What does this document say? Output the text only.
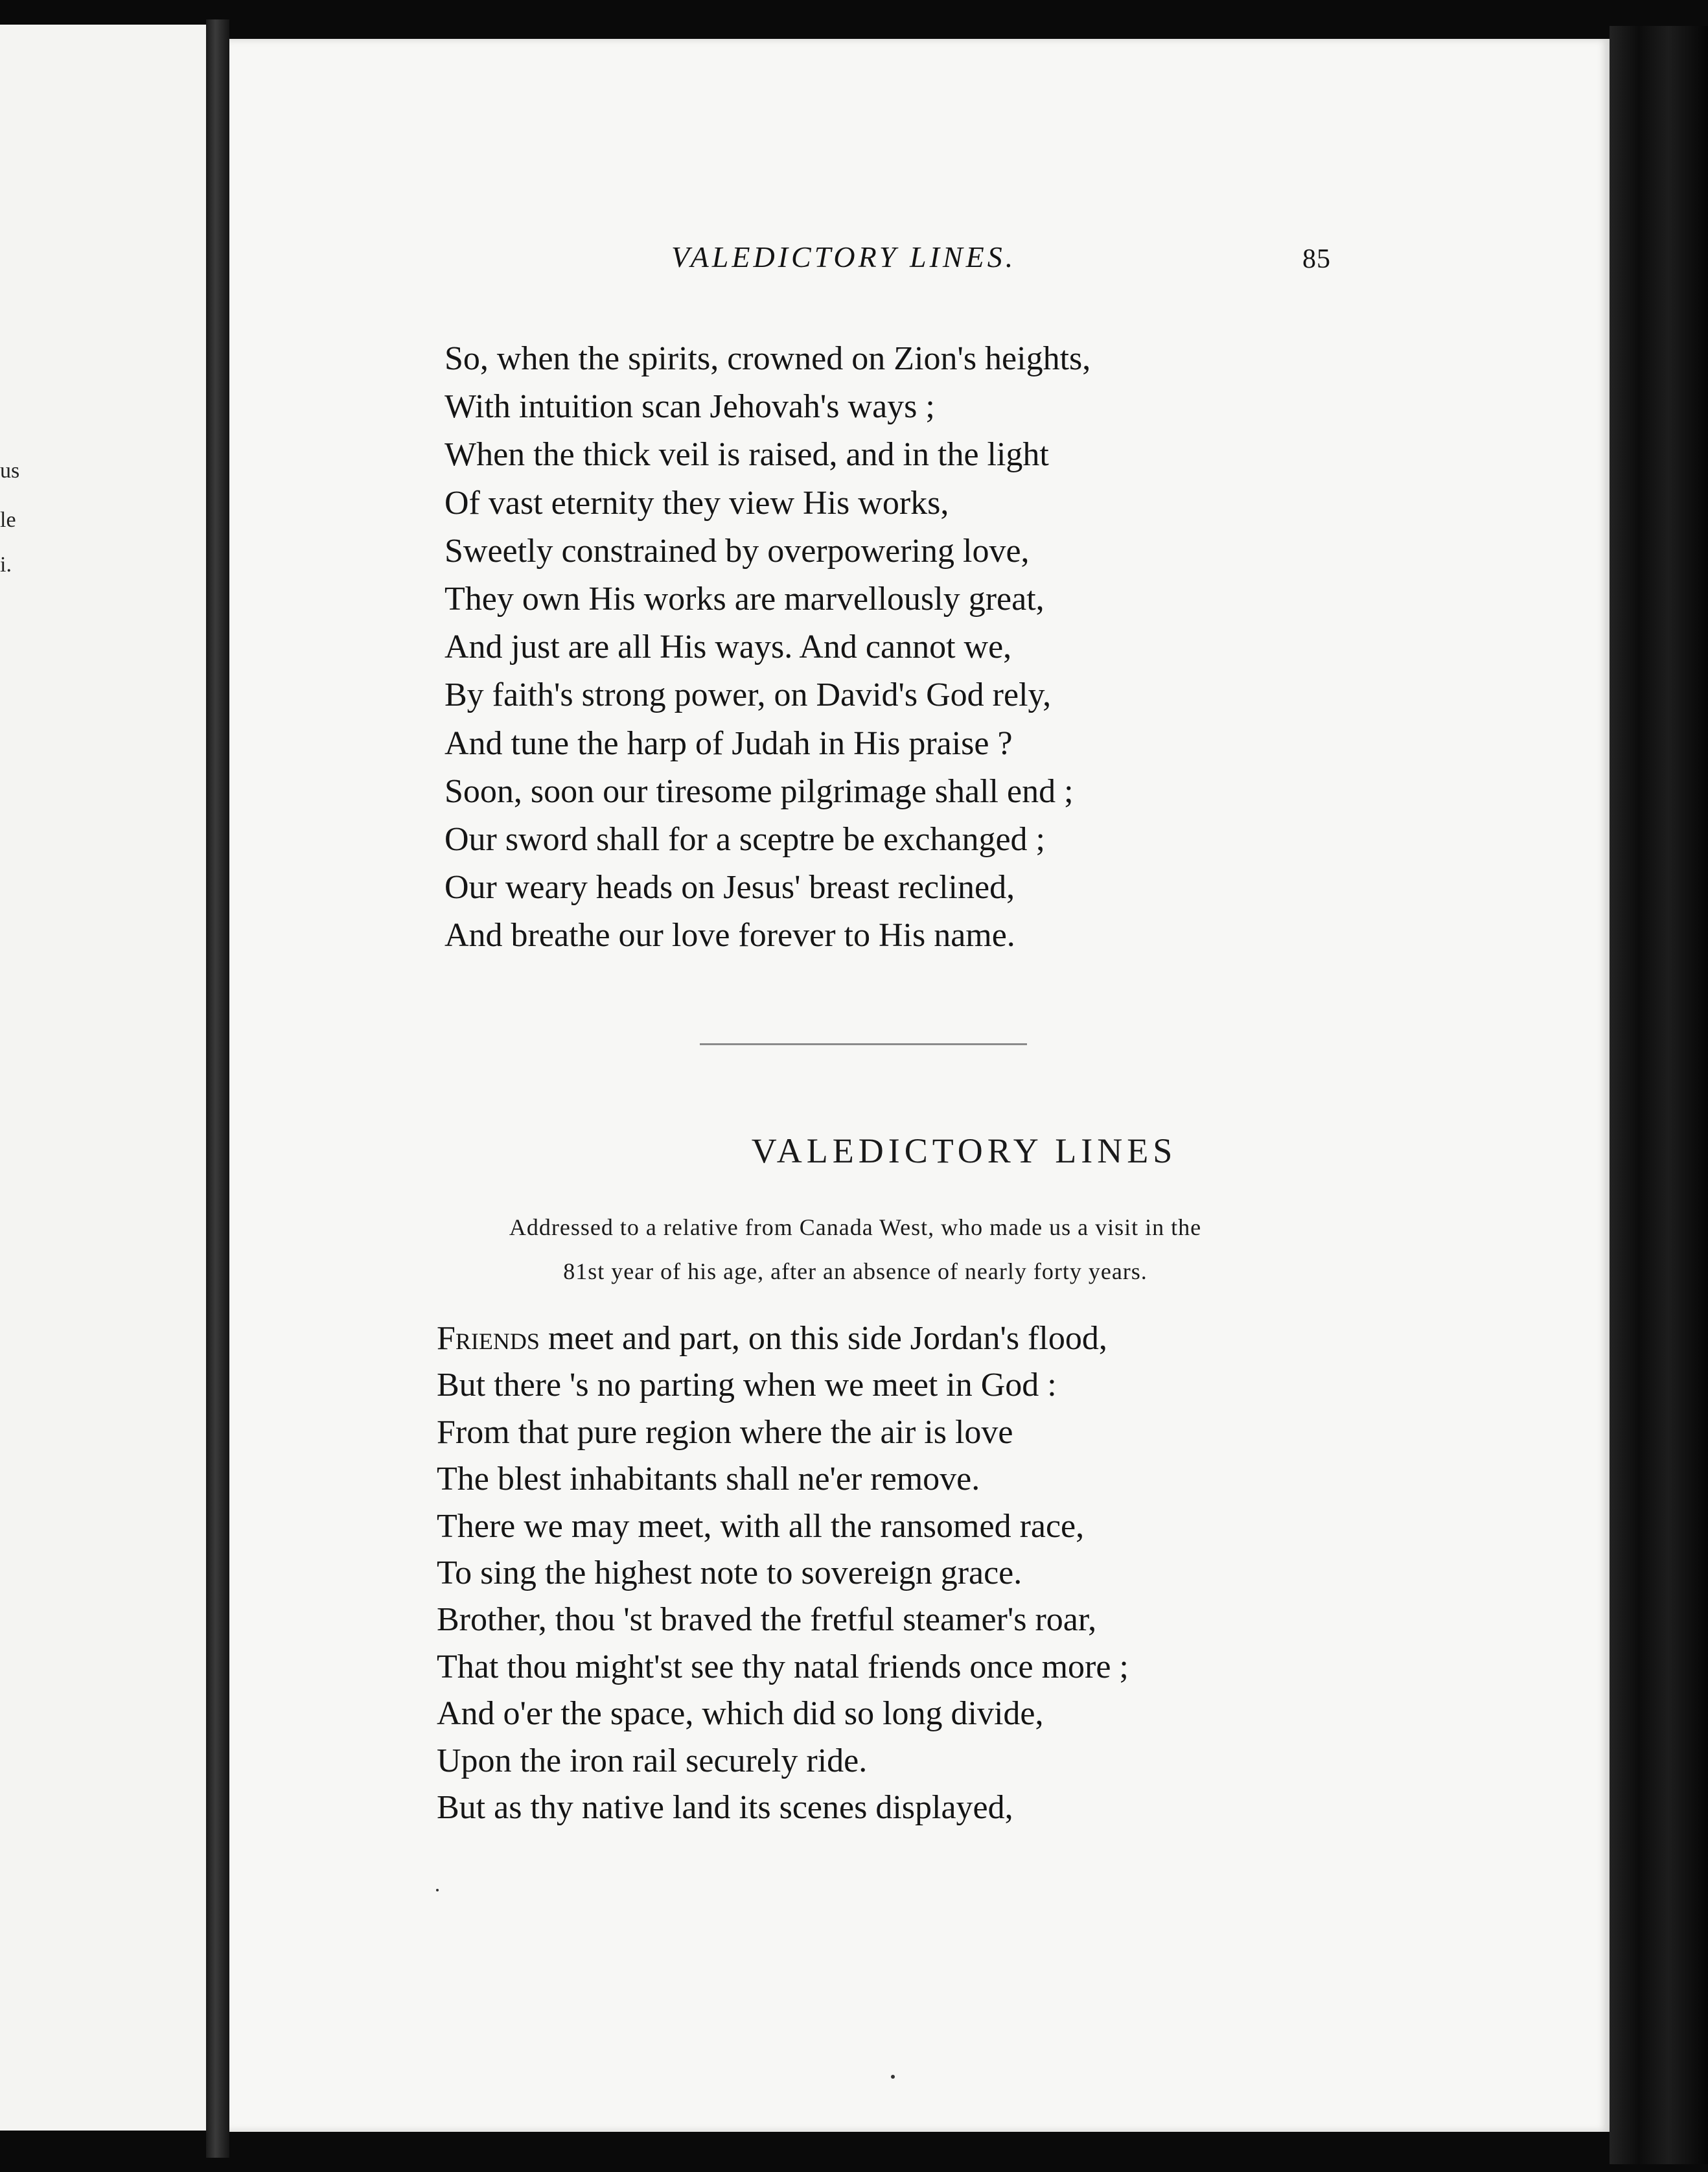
us
le
i.
VALEDICTORY LINES.	85
So, when the spirits, crowned on Zion's heights,
With intuition scan Jehovah's ways ;
When the thick veil is raised, and in the light
Of vast eternity they view His works,
Sweetly constrained by overpowering love,
They own His works are marvellously great,
And just are all His ways. And cannot we,
By faith's strong power, on David's God rely,
And tune the harp of Judah in His praise ?
Soon, soon our tiresome pilgrimage shall end ;
Our sword shall for a sceptre be exchanged ;
Our weary heads on Jesus' breast reclined,
And breathe our love forever to His name.
VALEDICTORY LINES
Addressed to a relative from Canada West, who made us a visit in the
81st year of his age, after an absence of nearly forty years.
Friends meet and part, on this side Jordan's flood,
But there 's no parting when we meet in God :
From that pure region where the air is love
The blest inhabitants shall ne'er remove.
There we may meet, with all the ransomed race,
To sing the highest note to sovereign grace.
Brother, thou 'st braved the fretful steamer's roar,
That thou might'st see thy natal friends once more ;
And o'er the space, which did so long divide,
Upon the iron rail securely ride.
But as thy native land its scenes displayed,
